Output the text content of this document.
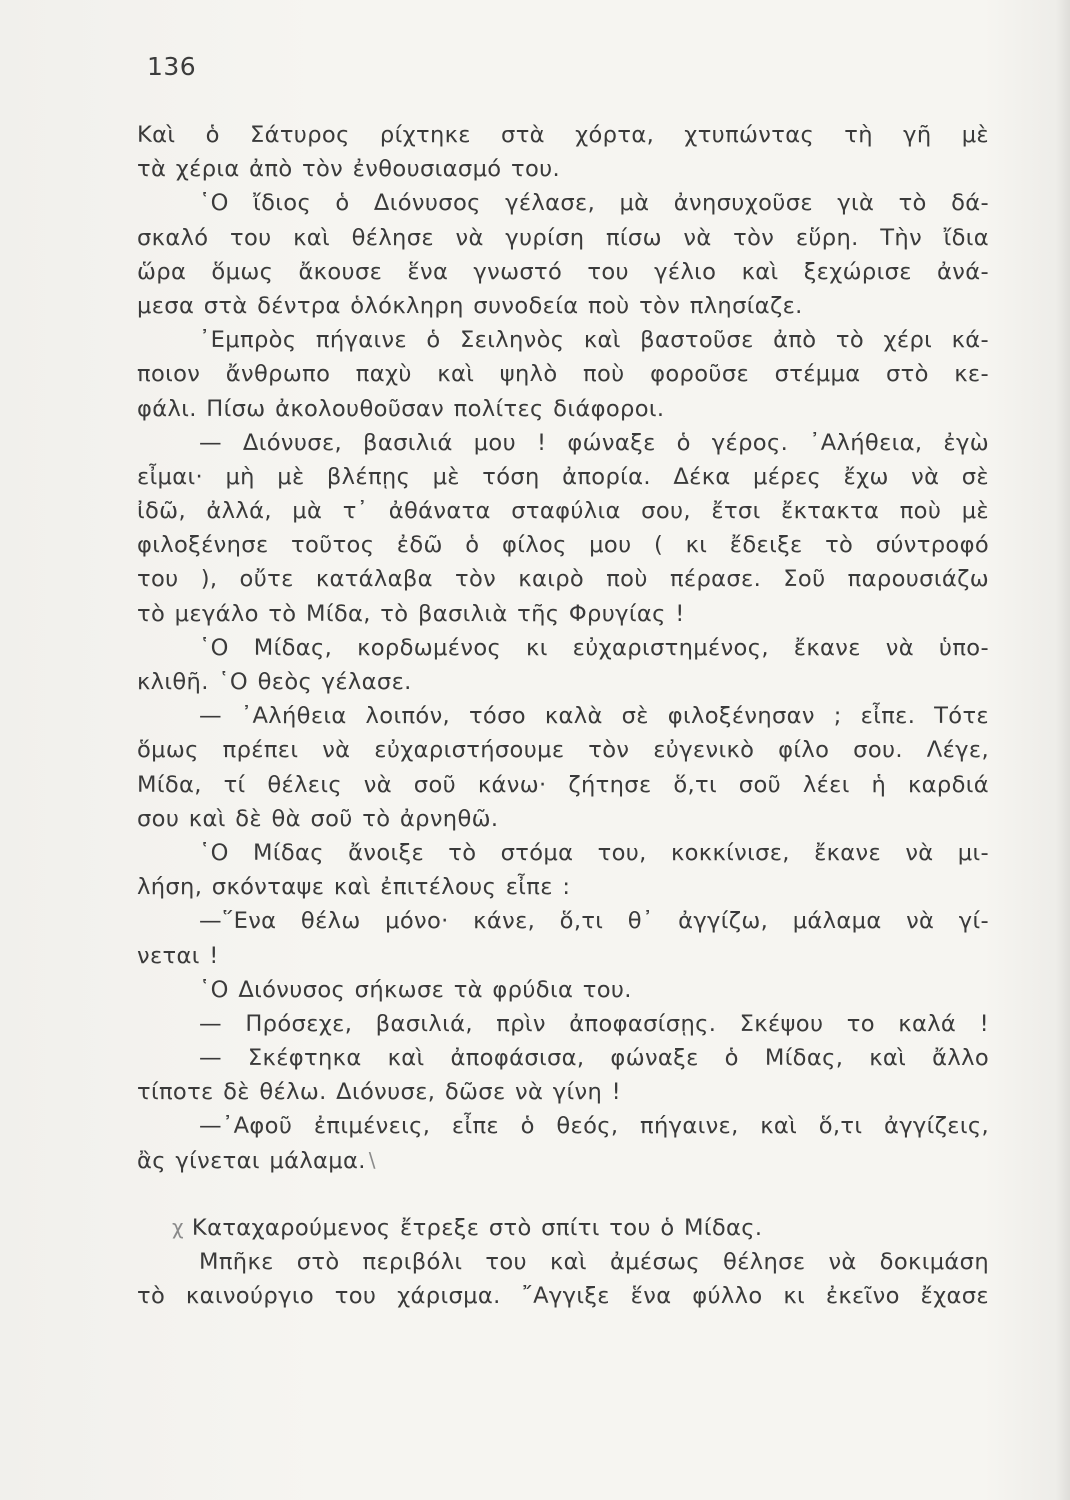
136
Καὶ ὁ Σάτυρος ρίχτηκε στὰ χόρτα, χτυπώντας τὴ γῆ μὲ
τὰ χέρια ἀπὸ τὸν ἐνθουσιασμό του.
῾Ο ἴδιος ὁ Διόνυσος γέλασε, μὰ ἀνησυχοῦσε γιὰ τὸ δά-
σκαλό του καὶ θέλησε νὰ γυρίση πίσω νὰ τὸν εὕρη. Τὴν ἴδια
ὥρα ὅμως ἄκουσε ἕνα γνωστό του γέλιο καὶ ξεχώρισε ἀνά-
μεσα στὰ δέντρα ὁλόκληρη συνοδεία ποὺ τὸν πλησίαζε.
᾿Εμπρὸς πήγαινε ὁ Σειληνὸς καὶ βαστοῦσε ἀπὸ τὸ χέρι κά-
ποιον ἄνθρωπο παχὺ καὶ ψηλὸ ποὺ φοροῦσε στέμμα στὸ κε-
φάλι. Πίσω ἀκολουθοῦσαν πολίτες διάφοροι.
— Διόνυσε, βασιλιά μου ! φώναξε ὁ γέρος. ᾿Αλήθεια, ἐγὼ
εἶμαι· μὴ μὲ βλέπῃς μὲ τόση ἀπορία. Δέκα μέρες ἔχω νὰ σὲ
ἰδῶ, ἀλλά, μὰ τ᾿ ἀθάνατα σταφύλια σου, ἔτσι ἔκτακτα ποὺ μὲ
φιλοξένησε τοῦτος ἐδῶ ὁ φίλος μου ( κι ἔδειξε τὸ σύντροφό
του ), οὔτε κατάλαβα τὸν καιρὸ ποὺ πέρασε. Σοῦ παρουσιάζω
τὸ μεγάλο τὸ Μίδα, τὸ βασιλιὰ τῆς Φρυγίας !
῾Ο Μίδας, κορδωμένος κι εὐχαριστημένος, ἔκανε νὰ ὑπο-
κλιθῆ. ῾Ο θεὸς γέλασε.
— ᾿Αλήθεια λοιπόν, τόσο καλὰ σὲ φιλοξένησαν ; εἶπε. Τότε
ὅμως πρέπει νὰ εὐχαριστήσουμε τὸν εὐγενικὸ φίλο σου. Λέγε,
Μίδα, τί θέλεις νὰ σοῦ κάνω· ζήτησε ὅ,τι σοῦ λέει ἡ καρδιά
σου καὶ δὲ θὰ σοῦ τὸ ἀρνηθῶ.
῾Ο Μίδας ἄνοιξε τὸ στόμα του, κοκκίνισε, ἔκανε νὰ μι-
λήση, σκόνταψε καὶ ἐπιτέλους εἶπε :
—῞Ενα θέλω μόνο· κάνε, ὅ,τι θ᾿ ἀγγίζω, μάλαμα νὰ γί-
νεται !
῾Ο Διόνυσος σήκωσε τὰ φρύδια του.
— Πρόσεχε, βασιλιά, πρὶν ἀποφασίσῃς. Σκέψου το καλά !
— Σκέφτηκα καὶ ἀποφάσισα, φώναξε ὁ Μίδας, καὶ ἄλλο
τίποτε δὲ θέλω. Διόνυσε, δῶσε νὰ γίνη !
—᾿Αφοῦ ἐπιμένεις, εἶπε ὁ θεός, πήγαινε, καὶ ὅ,τι ἀγγίζεις,
ἂς γίνεται μάλαμα. \
χ Καταχαρούμενος ἔτρεξε στὸ σπίτι του ὁ Μίδας.
Μπῆκε στὸ περιβόλι του καὶ ἀμέσως θέλησε νὰ δοκιμάση
τὸ καινούργιο του χάρισμα. ῎Αγγιξε ἕνα φύλλο κι ἐκεῖνο ἔχασε
